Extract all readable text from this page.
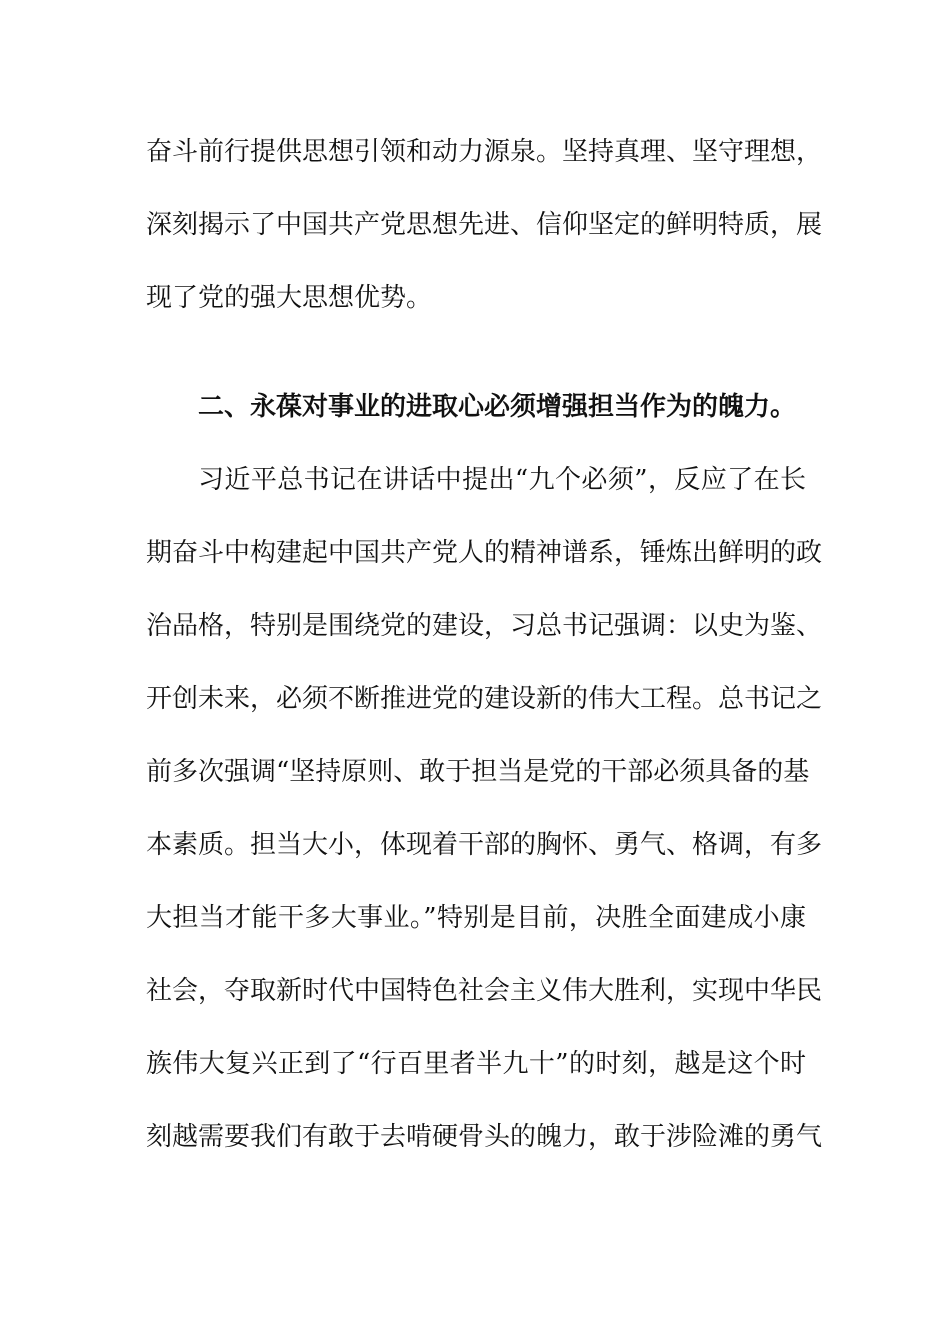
奋斗前行提供思想引领和动力源泉。坚持真理、坚守理想，
深刻揭示了中国共产党思想先进、信仰坚定的鲜明特质，展
现了党的强大思想优势。
二、永葆对事业的进取心必须增强担当作为的魄力。
习近平总书记在讲话中提出“九个必须”，反应了在长
期奋斗中构建起中国共产党人的精神谱系，锤炼出鲜明的政
治品格，特别是围绕党的建设，习总书记强调：以史为鉴、
开创未来，必须不断推进党的建设新的伟大工程。总书记之
前多次强调“坚持原则、敢于担当是党的干部必须具备的基
本素质。担当大小，体现着干部的胸怀、勇气、格调，有多
大担当才能干多大事业。”特别是目前，决胜全面建成小康
社会，夺取新时代中国特色社会主义伟大胜利，实现中华民
族伟大复兴正到了“行百里者半九十”的时刻，越是这个时
刻越需要我们有敢于去啃硬骨头的魄力，敢于涉险滩的勇气
